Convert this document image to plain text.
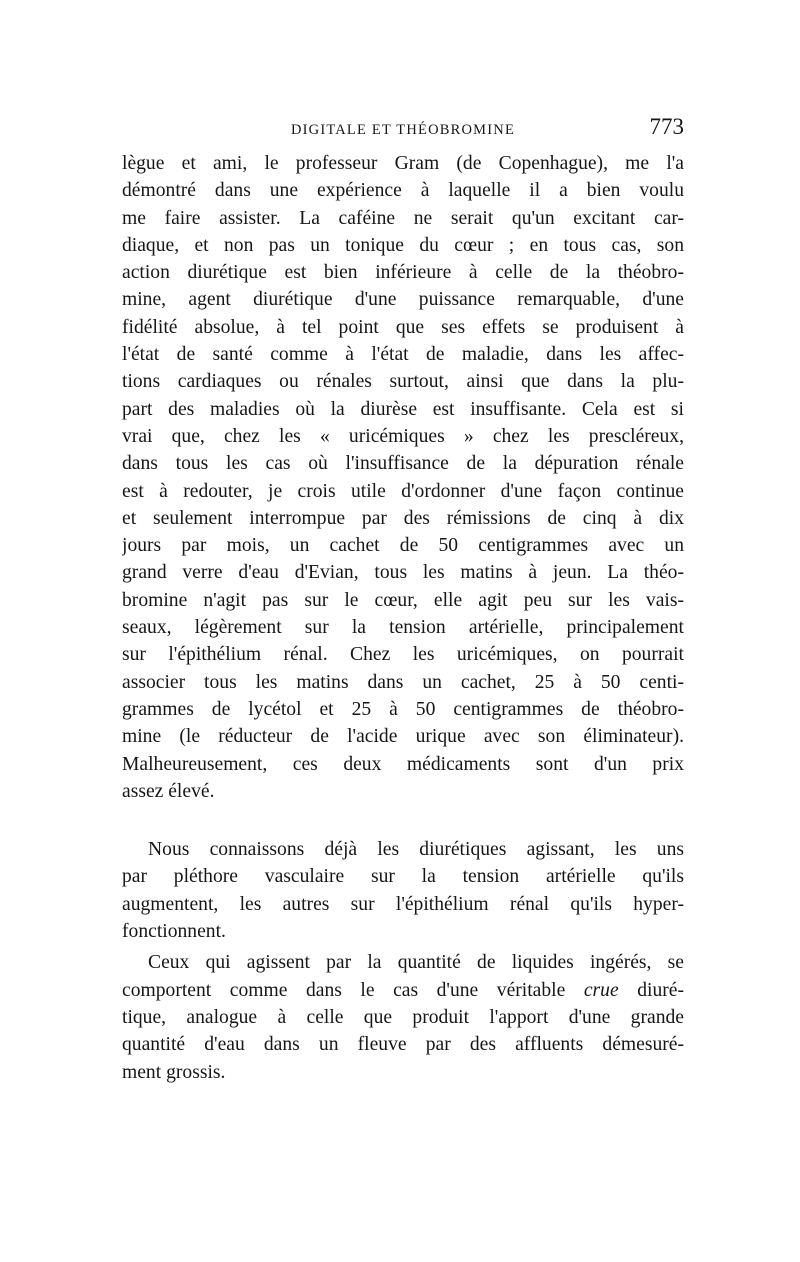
DIGITALE ET THÉOBROMINE	773
lègue et ami, le professeur Gram (de Copenhague), me l'a
démontré dans une expérience à laquelle il a bien voulu
me faire assister. La caféine ne serait qu'un excitant car-
diaque, et non pas un tonique du cœur ; en tous cas, son
action diurétique est bien inférieure à celle de la théobro-
mine, agent diurétique d'une puissance remarquable, d'une
fidélité absolue, à tel point que ses effets se produisent à
l'état de santé comme à l'état de maladie, dans les affec-
tions cardiaques ou rénales surtout, ainsi que dans la plu-
part des maladies où la diurèse est insuffisante. Cela est si
vrai que, chez les « uricémiques » chez les prescléreux,
dans tous les cas où l'insuffisance de la dépuration rénale
est à redouter, je crois utile d'ordonner d'une façon continue
et seulement interrompue par des rémissions de cinq à dix
jours par mois, un cachet de 50 centigrammes avec un
grand verre d'eau d'Evian, tous les matins à jeun. La théo-
bromine n'agit pas sur le cœur, elle agit peu sur les vais-
seaux, légèrement sur la tension artérielle, principalement
sur l'épithélium rénal. Chez les uricémiques, on pourrait
associer tous les matins dans un cachet, 25 à 50 centi-
grammes de lycétol et 25 à 50 centigrammes de théobro-
mine (le réducteur de l'acide urique avec son éliminateur).
Malheureusement, ces deux médicaments sont d'un prix
assez élevé.
Nous connaissons déjà les diurétiques agissant, les uns
par pléthore vasculaire sur la tension artérielle qu'ils
augmentent, les autres sur l'épithélium rénal qu'ils hyper-
fonctionnent.
Ceux qui agissent par la quantité de liquides ingérés, se
comportent comme dans le cas d'une véritable crue diuré-
tique, analogue à celle que produit l'apport d'une grande
quantité d'eau dans un fleuve par des affluents démesuré-
ment grossis.
